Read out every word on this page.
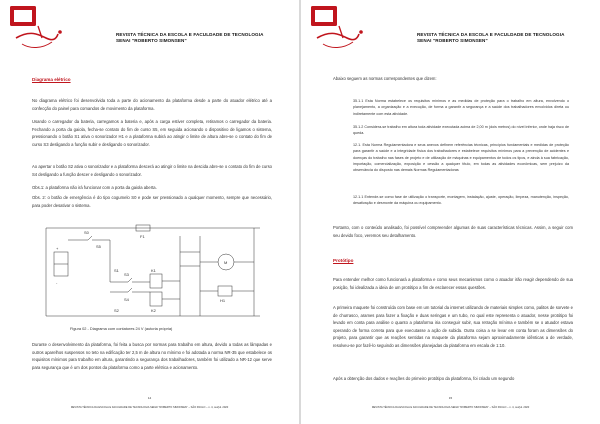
REVISTA TÉCNICA DA ESCOLA E FACULDADE DE TECNOLOGIA
SENAI "ROBERTO SIMONSEN"
Diagrama elétrico

No diagrama elétrico foi desenvolvida toda a parte do acionamento da plataforma desde a parte do atuador elétrico até a confecção do painel para comandos de movimento da plataforma.

Usando o carregador da bateria, carregamos a bateria e, após a carga estiver completa, retiramos o carregador da bateria. Fechando a porta da gaiola, fecha-se contato do fim de curso S5, em seguida acionando o dispositivo de ligamos o sistema, pressionando o botão S1 ativa o sonorizador H1 e a plataforma subirá ao atingir o limite de altura abre-se o contato do fim de curso S3 desligando a função subir e desligando o sonorizador.

Ao apertar o botão S2 ativa o sonorizador e a plataforma descerá ao atingir o limite na descida abre-se o contato do fim de curso S4 desligando a função descer e desligando o sonorizador.

Obs.1: a plataforma não irá funcionar com a porta da gaiola aberta.

Obs. 2: o botão de emergência é do tipo cogumelo S0 e pode ser pressionado a qualquer momento, sempre que necessário, para poder desativar o sistema.

S0
S3
S4
S5
S1
S2
K1
K2
H1
M
F1
+
-
Figura 02 - Diagrama com contatores 24 V (autoria própria)

Durante o desenvolvimento da plataforma, foi feita a busca por normas para trabalho em altura, devido a todas as lâmpadas e outros aparelhos suspensos no teto na edificação ter 2,5 m de altura no mínimo e foi adotada a norma NR-35 que estabelece os requisitos mínimos para trabalho em altura, garantindo a segurança dos trabalhadores, também foi utilizado a NR-12 que serve para segurança que é um dos pontos da plataforma como a parte elétrica e acionamento.

14
REVISTA TÉCNICA DA ESCOLA E FACULDADE DE TECNOLOGIA SENAI "ROBERTO SIMONSEN" – SÃO PAULO – n. 4, out/jul. 2020
REVISTA TÉCNICA DA ESCOLA E FACULDADE DE TECNOLOGIA
SENAI "ROBERTO SIMONSEN"

Abaixo seguem as normas correspondentes que dizem:

35.1.1 Esta Norma estabelece os requisitos mínimos e as medidas de proteção para o trabalho em altura, envolvendo o planejamento, a organização e a execução, de forma a garantir a segurança e a saúde dos trabalhadores envolvidos direta ou indiretamente com esta atividade.

35.1.2 Considera-se trabalho em altura toda atividade executada acima de 2,00 m (dois metros) do nível inferior, onde haja risco de queda.

12.1. Esta Norma Regulamentadora e seus anexos definem referências técnicas, princípios fundamentais e medidas de proteção para garantir a saúde e a integridade física dos trabalhadores e estabelece requisitos mínimos para a prevenção de acidentes e doenças do trabalho nas fases de projeto e de utilização de máquinas e equipamentos de todos os tipos, e ainda à sua fabricação, importação, comercialização, exposição e cessão a qualquer título, em todas as atividades econômicas, sem prejuízo da observância do disposto nas demais Normas Regulamentadoras

12.1.1 Entende-se como fase de utilização o transporte, montagem, instalação, ajuste, operação, limpeza, manutenção, inspeção, desativação e desmonte da máquina ou equipamento.

Portanto, com o conteúdo analisado, foi possível compreender algumas de suas características técnicas. Assim, a seguir com seu devido foco, veremos seu detalhamento.

Protótipo

Para entender melhor como funcionará a plataforma e como seus mecanismos como o atuador irão reagir dependendo de sua posição, foi idealizada a ideia de um protótipo a fim de esclarecer essas questões.

A primeira maquete foi construída com base em um tutorial da internet utilizando de materiais simples como, palitos de sorvete e de churrasco, arames para fazer a fixação e duas seringas e um tubo, no qual este representa o atuador, nesse protótipo foi levado em conta para análise o quanto a plataforma iria conseguir subir, sua retração mínima e também se o atuador estava operando de forma correta para que executasse a ação de subida. Outra coisa a se levar em conta foram as dimensões do projeto, para garantir que as reações sentidas na maquete da plataforma sejam aproximadamente idênticas a de verdade, resolveu-se por fazê-lo seguindo as dimensões planejadas da plataforma em escala de 1:10.

Após a obtenção dos dados e reações do primeiro protótipo da plataforma, foi criado um segundo

15
REVISTA TÉCNICA DA ESCOLA E FACULDADE DE TECNOLOGIA SENAI "ROBERTO SIMONSEN" – SÃO PAULO – n. 4, out/jul. 2020
